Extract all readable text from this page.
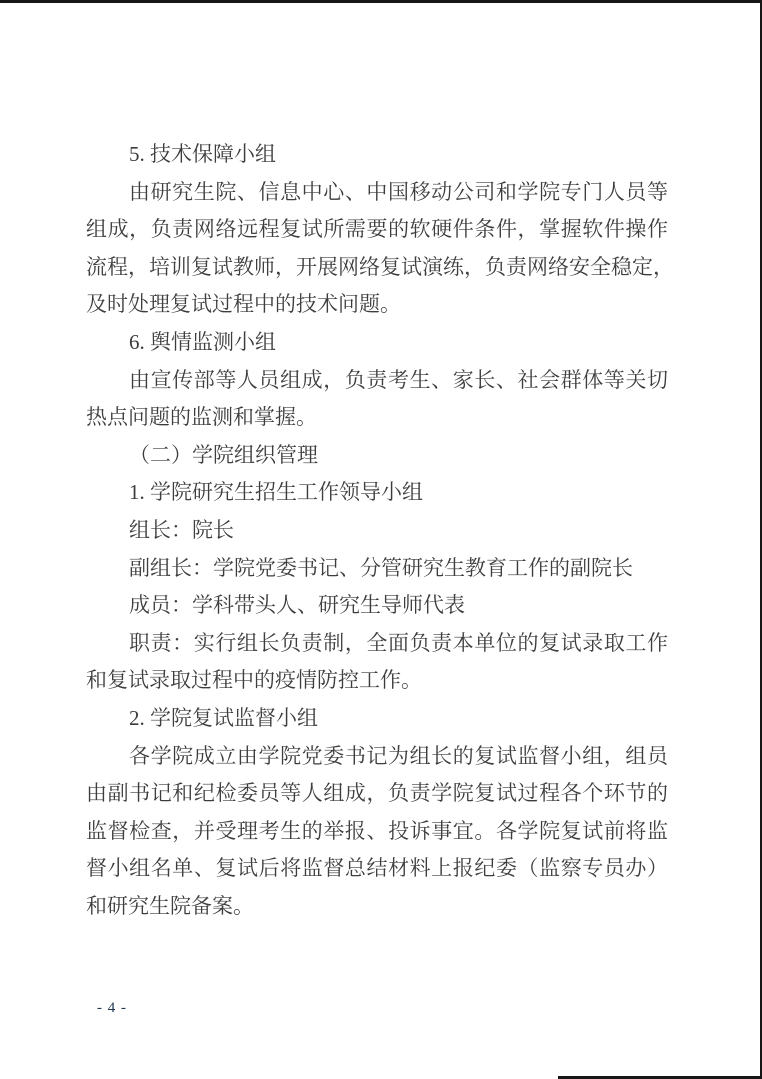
5. 技术保障小组
由研究生院、信息中心、中国移动公司和学院专门人员等
组成，负责网络远程复试所需要的软硬件条件，掌握软件操作
流程，培训复试教师，开展网络复试演练，负责网络安全稳定，
及时处理复试过程中的技术问题。
6. 舆情监测小组
由宣传部等人员组成，负责考生、家长、社会群体等关切
热点问题的监测和掌握。
（二）学院组织管理
1. 学院研究生招生工作领导小组
组长：院长
副组长：学院党委书记、分管研究生教育工作的副院长
成员：学科带头人、研究生导师代表
职责：实行组长负责制，全面负责本单位的复试录取工作
和复试录取过程中的疫情防控工作。
2. 学院复试监督小组
各学院成立由学院党委书记为组长的复试监督小组，组员
由副书记和纪检委员等人组成，负责学院复试过程各个环节的
监督检查，并受理考生的举报、投诉事宜。各学院复试前将监
督小组名单、复试后将监督总结材料上报纪委（监察专员办）
和研究生院备案。
- 4 -
